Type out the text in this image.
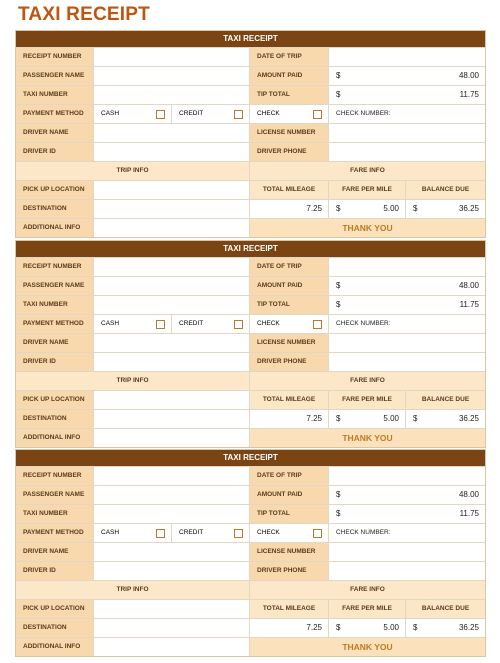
TAXI RECEIPT
TAXI RECEIPT
RECEIPT NUMBER	DATE OF TRIP
PASSENGER NAME	AMOUNT PAID	$	48.00
TAXI NUMBER	TIP TOTAL	$	11.75
PAYMENT METHOD	CASH	CREDIT	CHECK	CHECK NUMBER:
DRIVER NAME	LICENSE NUMBER
DRIVER ID	DRIVER PHONE
TRIP INFO	FARE INFO
PICK UP LOCATION	TOTAL MILEAGE	FARE PER MILE	BALANCE DUE
DESTINATION	7.25 $	5.00 $	36.25
ADDITIONAL INFO	THANK YOU
TAXI RECEIPT
RECEIPT NUMBER	DATE OF TRIP
PASSENGER NAME	AMOUNT PAID	$	48.00
TAXI NUMBER	TIP TOTAL	$	11.75
PAYMENT METHOD	CASH	CREDIT	CHECK	CHECK NUMBER:
DRIVER NAME	LICENSE NUMBER
DRIVER ID	DRIVER PHONE
TRIP INFO	FARE INFO
PICK UP LOCATION	TOTAL MILEAGE	FARE PER MILE	BALANCE DUE
DESTINATION	7.25 $	5.00 $	36.25
ADDITIONAL INFO	THANK YOU
TAXI RECEIPT
RECEIPT NUMBER	DATE OF TRIP
PASSENGER NAME	AMOUNT PAID	$	48.00
TAXI NUMBER	TIP TOTAL	$	11.75
PAYMENT METHOD	CASH	CREDIT	CHECK	CHECK NUMBER:
DRIVER NAME	LICENSE NUMBER
DRIVER ID	DRIVER PHONE
TRIP INFO	FARE INFO
PICK UP LOCATION	TOTAL MILEAGE	FARE PER MILE	BALANCE DUE
DESTINATION	7.25 $	5.00 $	36.25
ADDITIONAL INFO	THANK YOU
